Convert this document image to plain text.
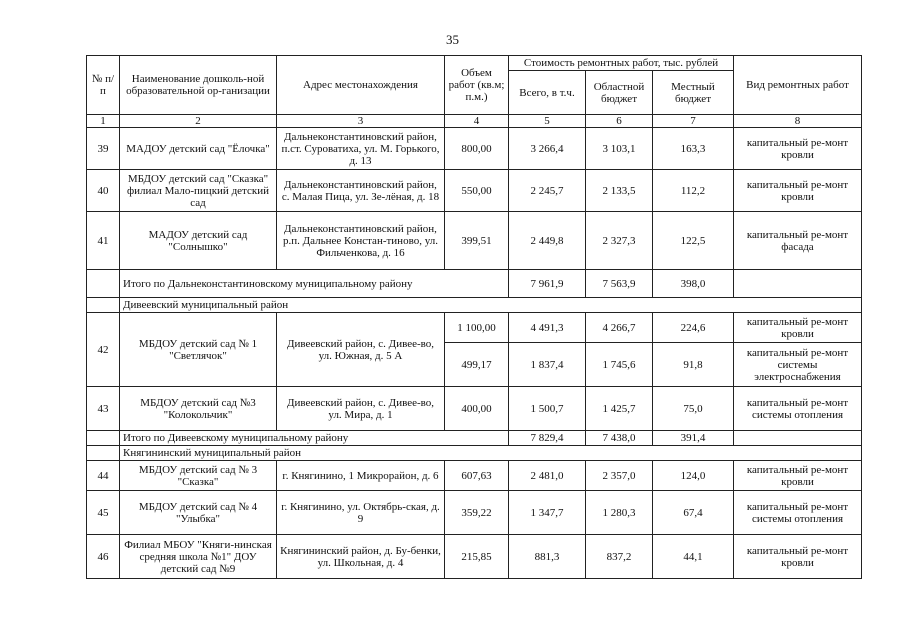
35
№ п/п	Наименование дошколь-ной образовательной ор-ганизации	Адрес местонахождения	Объем работ (кв.м; п.м.)	Стоимость ремонтных работ, тыс. рублей			Вид ремонтных работ
				Всего, в т.ч.	Областной бюджет	Местный бюджет	
1	2	3	4	5	6	7	8
39	МАДОУ детский сад "Ёлочка"	Дальнеконстантиновский район, п.ст. Суроватиха, ул. М. Горького, д. 13	800,00	3 266,4	3 103,1	163,3	капитальный ре-монт кровли
40	МБДОУ детский сад "Сказка" филиал Мало-пицкий детский сад	Дальнеконстантиновский район, с. Малая Пица, ул. Зе-лёная, д. 18	550,00	2 245,7	2 133,5	112,2	капитальный ре-монт кровли
41	МАДОУ детский сад "Солнышко"	Дальнеконстантиновский район, р.п. Дальнее Констан-тиново, ул. Фильченкова, д. 16	399,51	2 449,8	2 327,3	122,5	капитальный ре-монт фасада
	Итого по Дальнеконстантиновскому муниципальному району			7 961,9	7 563,9	398,0	
	Дивеевский муниципальный район						
42	МБДОУ детский сад № 1 "Светлячок"	Дивеевский район, с. Дивее-во, ул. Южная, д. 5 А	1 100,00	4 491,3	4 266,7	224,6	капитальный ре-монт кровли
			499,17	1 837,4	1 745,6	91,8	капитальный ре-монт системы электроснабжения
43	МБДОУ детский сад №3 "Колокольчик"	Дивеевский район, с. Дивее-во, ул. Мира, д. 1	400,00	1 500,7	1 425,7	75,0	капитальный ре-монт системы отопления
	Итого по Дивеевскому муниципальному району			7 829,4	7 438,0	391,4	
	Княгининский муниципальный район						
44	МБДОУ детский сад № 3 "Сказка"	г. Княгинино, 1 Микрорайон, д. 6	607,63	2 481,0	2 357,0	124,0	капитальный ре-монт кровли
45	МБДОУ детский сад № 4 "Улыбка"	г. Княгинино, ул. Октябрь-ская, д. 9	359,22	1 347,7	1 280,3	67,4	капитальный ре-монт системы отопления
46	Филиал МБОУ "Княги-нинская средняя школа №1" ДОУ детский сад №9	Княгининский район, д. Бу-бенки, ул. Школьная, д. 4	215,85	881,3	837,2	44,1	капитальный ре-монт кровли
